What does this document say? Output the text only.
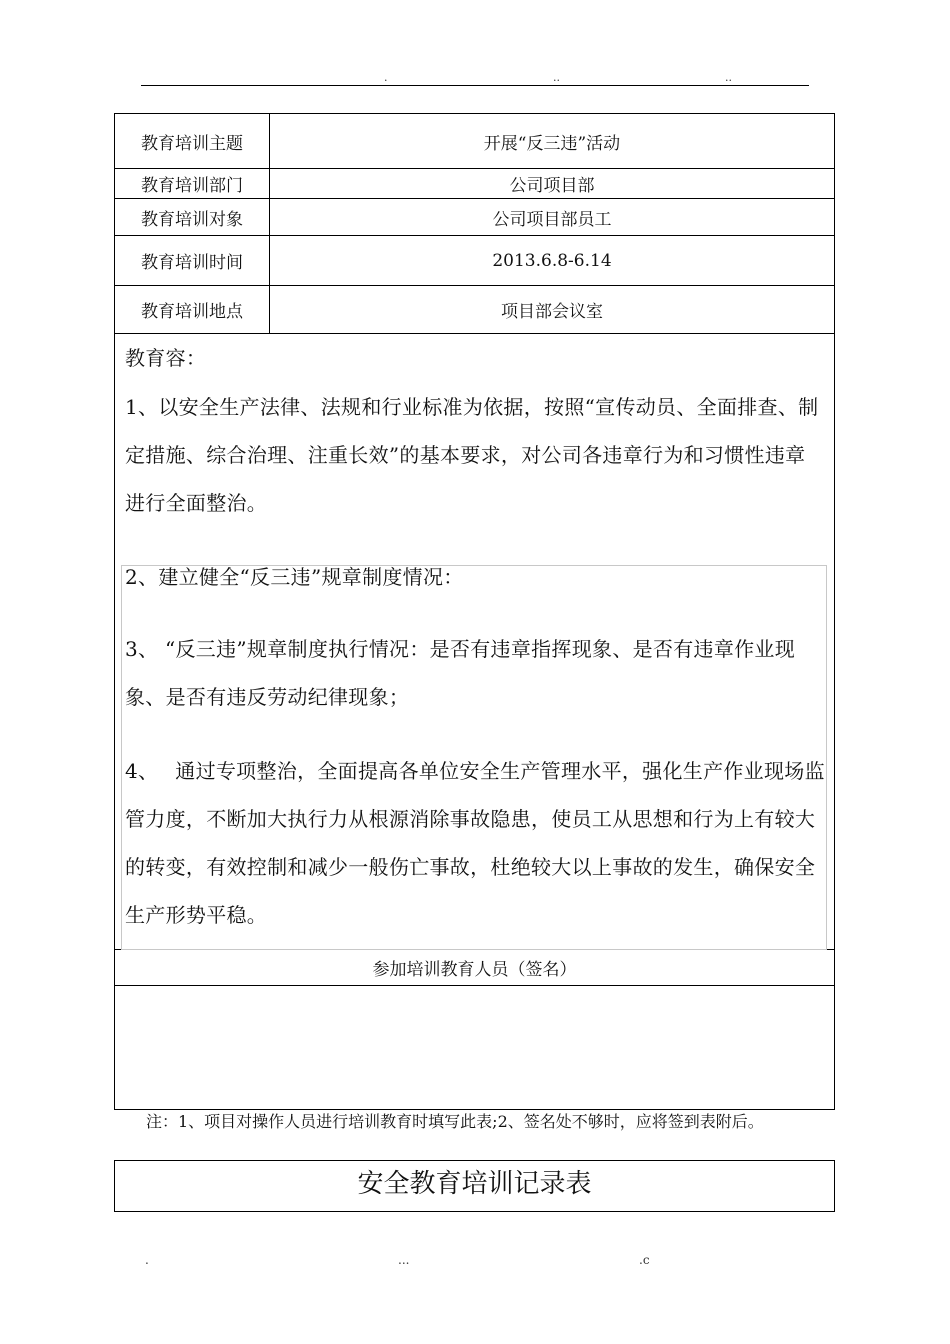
.	..	..
教育培训主题	开展“反三违”活动
教育培训部门	公司项目部
教育培训对象	公司项目部员工
教育培训时间	2013.6.8-6.14
教育培训地点	项目部会议室
教育容：
1、以安全生产法律、法规和行业标准为依据，按照“宣传动员、全面排查、制定措施、综合治理、注重长效”的基本要求，对公司各违章行为和习惯性违章进行全面整治。
2、建立健全“反三违”规章制度情况：
3、 “反三违”规章制度执行情况：是否有违章指挥现象、是否有违章作业现象、是否有违反劳动纪律现象；
4、　 通过专项整治，全面提高各单位安全生产管理水平，强化生产作业现场监管力度，不断加大执行力从根源消除事故隐患，使员工从思想和行为上有较大的转变，有效控制和减少一般伤亡事故，杜绝较大以上事故的发生，确保安全生产形势平稳。
参加培训教育人员（签名）
注：1、项目对操作人员进行培训教育时填写此表;2、签名处不够时，应将签到表附后。
安全教育培训记录表
.	...	.c
